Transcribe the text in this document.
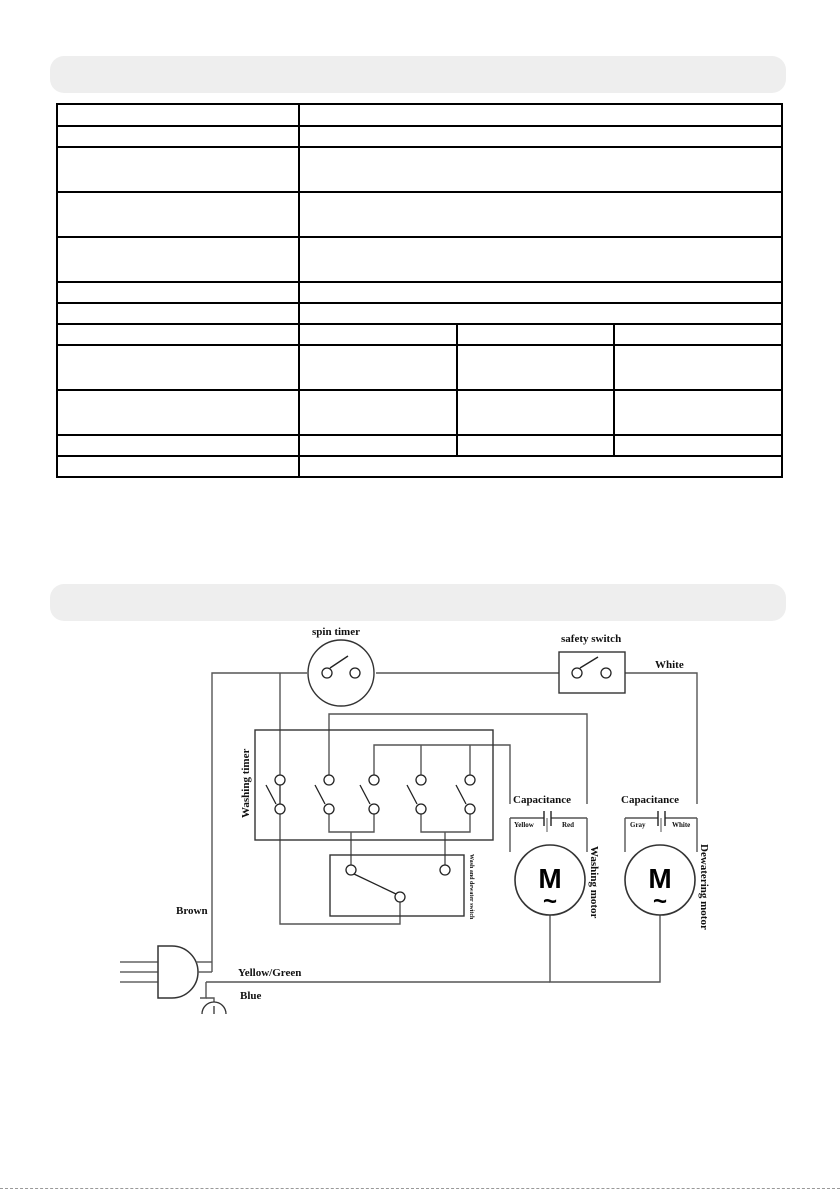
spin timer
safety switch
White
Washing timer
Wash and dewater switch
Capacitance
Yellow	Red
Capacitance
Gray	White
M
~	Washing motor M
~	Dewatering motor
Brown
Yellow/Green
Blue
